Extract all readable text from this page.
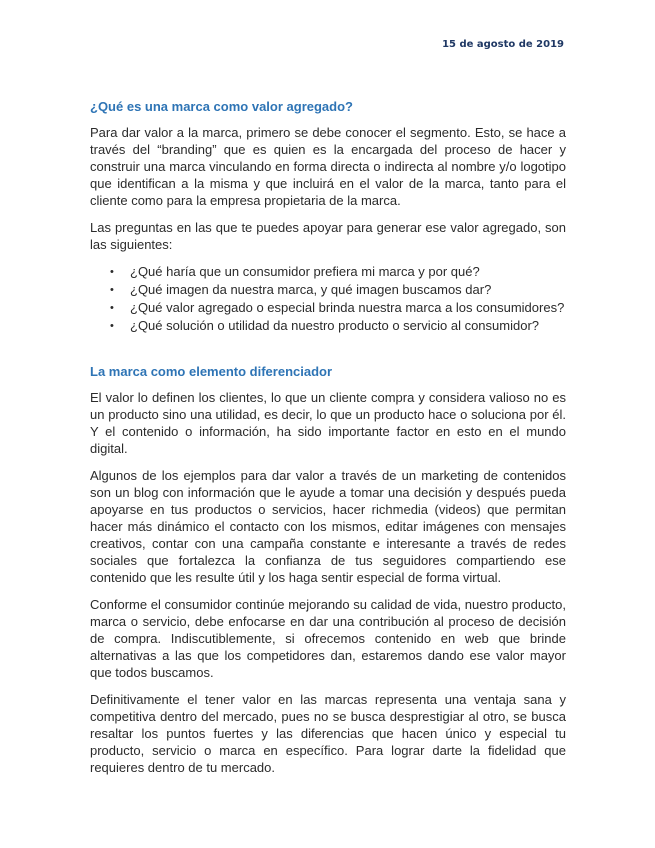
15 de agosto de 2019
¿Qué es una marca como valor agregado?

Para dar valor a la marca, primero se debe conocer el segmento. Esto, se hace a través del “branding” que es quien es la encargada del proceso de hacer y construir una marca vinculando en forma directa o indirecta al nombre y/o logotipo que identifican a la misma y que incluirá en el valor de la marca, tanto para el cliente como para la empresa propietaria de la marca.

Las preguntas en las que te puedes apoyar para generar ese valor agregado, son las siguientes:

• ¿Qué haría que un consumidor prefiera mi marca y por qué?
• ¿Qué imagen da nuestra marca, y qué imagen buscamos dar?
• ¿Qué valor agregado o especial brinda nuestra marca a los consumidores?
• ¿Qué solución o utilidad da nuestro producto o servicio al consumidor?
La marca como elemento diferenciador

El valor lo definen los clientes, lo que un cliente compra y considera valioso no es un producto sino una utilidad, es decir, lo que un producto hace o soluciona por él. Y el contenido o información, ha sido importante factor en esto en el mundo digital.

Algunos de los ejemplos para dar valor a través de un marketing de contenidos son un blog con información que le ayude a tomar una decisión y después pueda apoyarse en tus productos o servicios, hacer richmedia (videos) que permitan hacer más dinámico el contacto con los mismos, editar imágenes con mensajes creativos, contar con una campaña constante e interesante a través de redes sociales que fortalezca la confianza de tus seguidores compartiendo ese contenido que les resulte útil y los haga sentir especial de forma virtual.

Conforme el consumidor continúe mejorando su calidad de vida, nuestro producto, marca o servicio, debe enfocarse en dar una contribución al proceso de decisión de compra. Indiscutiblemente, si ofrecemos contenido en web que brinde alternativas a las que los competidores dan, estaremos dando ese valor mayor que todos buscamos.

Definitivamente el tener valor en las marcas representa una ventaja sana y competitiva dentro del mercado, pues no se busca desprestigiar al otro, se busca resaltar los puntos fuertes y las diferencias que hacen único y especial tu producto, servicio o marca en específico. Para lograr darte la fidelidad que requieres dentro de tu mercado.
